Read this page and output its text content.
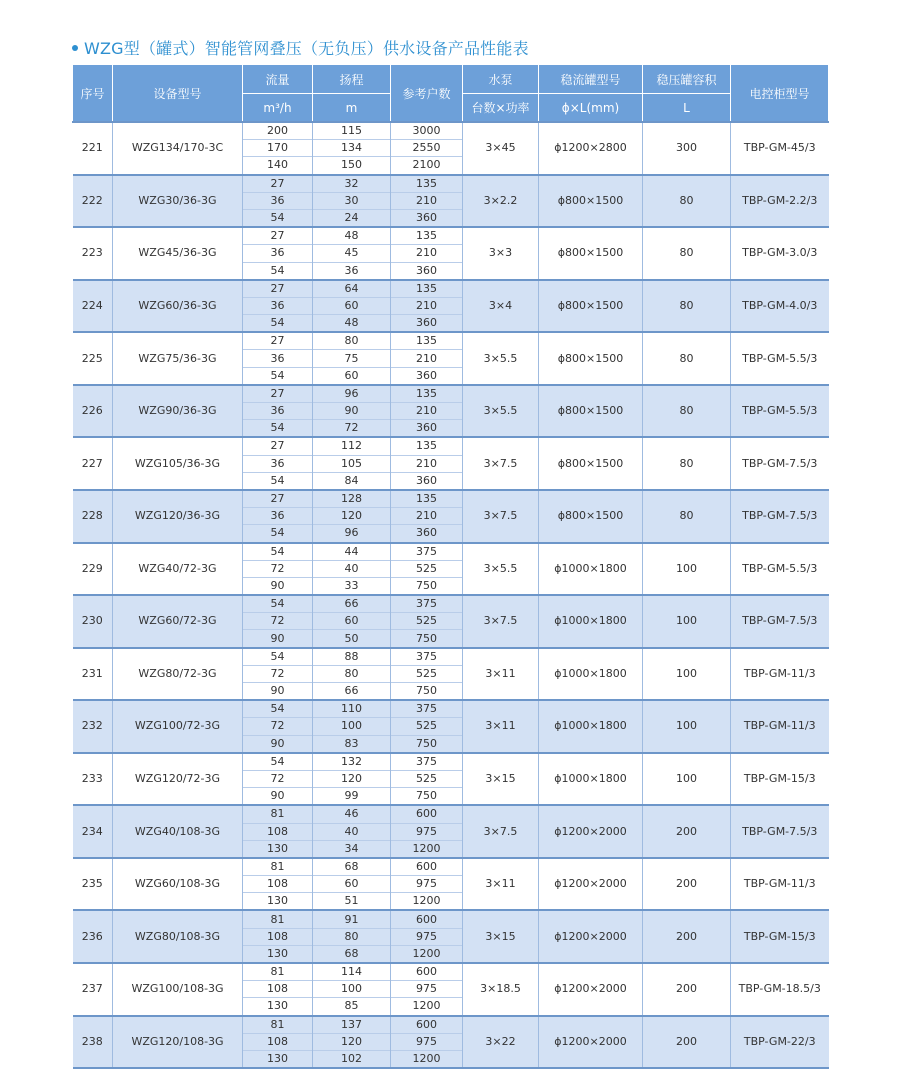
WZG型（罐式）智能管网叠压（无负压）供水设备产品性能表
序号	设备型号	流量	扬程	参考户数	水泵	稳流罐型号	稳压罐容积	电控柜型号
		m³/h	m		台数×功率	ϕ×L(mm)	L	
221	WZG134/170-3C	200	115	3000	3×45	ϕ1200×2800	300	TBP-GM-45/3
		170	134	2550				
		140	150	2100				
222	WZG30/36-3G	27	32	135	3×2.2	ϕ800×1500	80	TBP-GM-2.2/3
		36	30	210				
		54	24	360				
223	WZG45/36-3G	27	48	135	3×3	ϕ800×1500	80	TBP-GM-3.0/3
		36	45	210				
		54	36	360				
224	WZG60/36-3G	27	64	135	3×4	ϕ800×1500	80	TBP-GM-4.0/3
		36	60	210				
		54	48	360				
225	WZG75/36-3G	27	80	135	3×5.5	ϕ800×1500	80	TBP-GM-5.5/3
		36	75	210				
		54	60	360				
226	WZG90/36-3G	27	96	135	3×5.5	ϕ800×1500	80	TBP-GM-5.5/3
		36	90	210				
		54	72	360				
227	WZG105/36-3G	27	112	135	3×7.5	ϕ800×1500	80	TBP-GM-7.5/3
		36	105	210				
		54	84	360				
228	WZG120/36-3G	27	128	135	3×7.5	ϕ800×1500	80	TBP-GM-7.5/3
		36	120	210				
		54	96	360				
229	WZG40/72-3G	54	44	375	3×5.5	ϕ1000×1800	100	TBP-GM-5.5/3
		72	40	525				
		90	33	750				
230	WZG60/72-3G	54	66	375	3×7.5	ϕ1000×1800	100	TBP-GM-7.5/3
		72	60	525				
		90	50	750				
231	WZG80/72-3G	54	88	375	3×11	ϕ1000×1800	100	TBP-GM-11/3
		72	80	525				
		90	66	750				
232	WZG100/72-3G	54	110	375	3×11	ϕ1000×1800	100	TBP-GM-11/3
		72	100	525				
		90	83	750				
233	WZG120/72-3G	54	132	375	3×15	ϕ1000×1800	100	TBP-GM-15/3
		72	120	525				
		90	99	750				
234	WZG40/108-3G	81	46	600	3×7.5	ϕ1200×2000	200	TBP-GM-7.5/3
		108	40	975				
		130	34	1200				
235	WZG60/108-3G	81	68	600	3×11	ϕ1200×2000	200	TBP-GM-11/3
		108	60	975				
		130	51	1200				
236	WZG80/108-3G	81	91	600	3×15	ϕ1200×2000	200	TBP-GM-15/3
		108	80	975				
		130	68	1200				
237	WZG100/108-3G	81	114	600	3×18.5	ϕ1200×2000	200	TBP-GM-18.5/3
		108	100	975				
		130	85	1200				
238	WZG120/108-3G	81	137	600	3×22	ϕ1200×2000	200	TBP-GM-22/3
		108	120	975				
		130	102	1200				
